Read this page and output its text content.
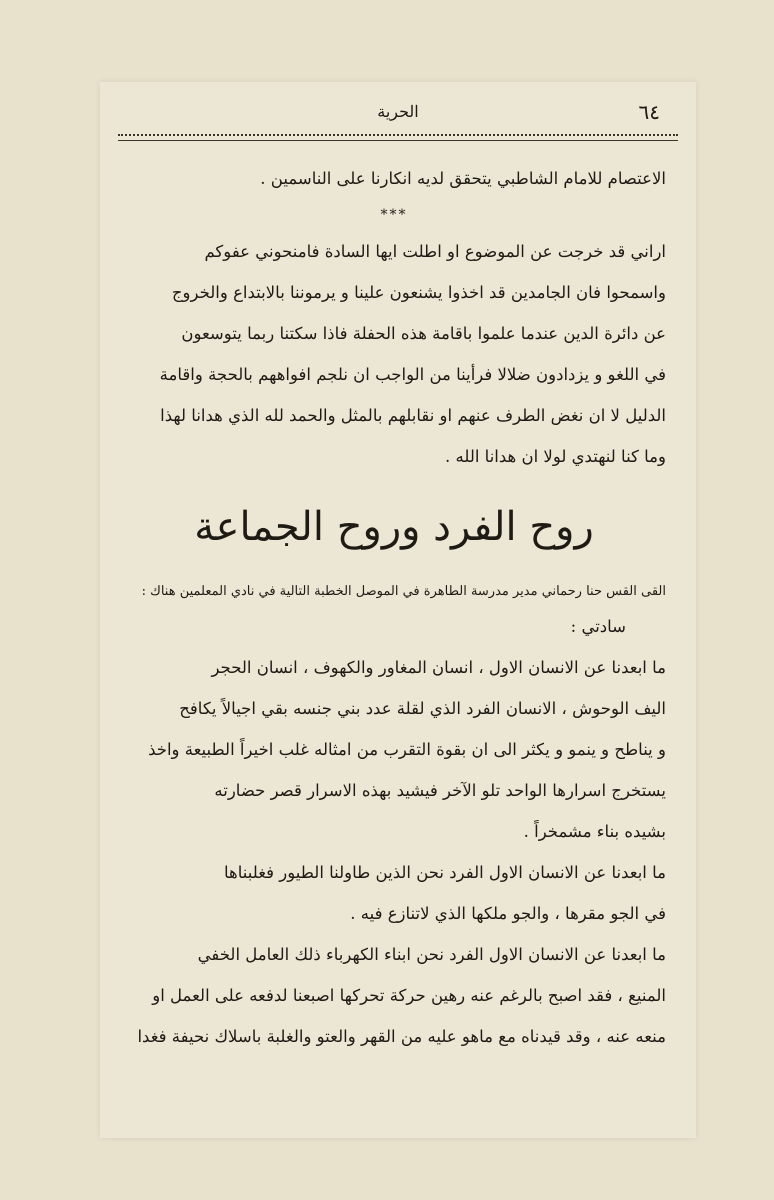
٦٤
الحرية

الاعتصام للامام الشاطبي يتحقق لديه انكارنا على الناسمين .

***

اراني قد خرجت عن الموضوع او اطلت ايها السادة فامنحوني عفوكم

واسمحوا فان الجامدين قد اخذوا يشنعون علينا و يرموننا بالابتداع والخروج

عن دائرة الدين عندما علموا باقامة هذه الحفلة فاذا سكتنا ربما يتوسعون

في اللغو و يزدادون ضلالا فرأينا من الواجب ان نلجم افواههم بالحجة واقامة

الدليل لا ان نغض الطرف عنهم او نقابلهم بالمثل والحمد لله الذي هدانا لهذا

وما كنا لنهتدي لولا ان هدانا الله .

روح الفرد وروح الجماعة

القى القس حنا رحماني مدير مدرسة الطاهرة في الموصل الخطبة التالية في نادي المعلمين هناك :

سادتي :

ما ابعدنا عن الانسان الاول ، انسان المغاور والكهوف ، انسان الحجر

اليف الوحوش ، الانسان الفرد الذي لقلة عدد بني جنسه بقي اجيالاً يكافح

و يناطح و ينمو و يكثر الى ان بقوة التقرب من امثاله غلب اخيراً الطبيعة واخذ

يستخرج اسرارها الواحد تلو الآخر فيشيد بهذه الاسرار قصر حضارته

بشيده بناء مشمخراً .

ما ابعدنا عن الانسان الاول الفرد نحن الذين طاولنا الطيور فغلبناها

في الجو مقرها ، والجو ملكها الذي لاتنازع فيه .

ما ابعدنا عن الانسان الاول الفرد نحن ابناء الكهرباء ذلك العامل الخفي

المنيع ، فقد اصبح بالرغم عنه رهين حركة تحركها اصبعنا لدفعه على العمل او

منعه عنه ، وقد قيدناه مع ماهو عليه من القهر والعتو والغلبة باسلاك نحيفة فغدا
